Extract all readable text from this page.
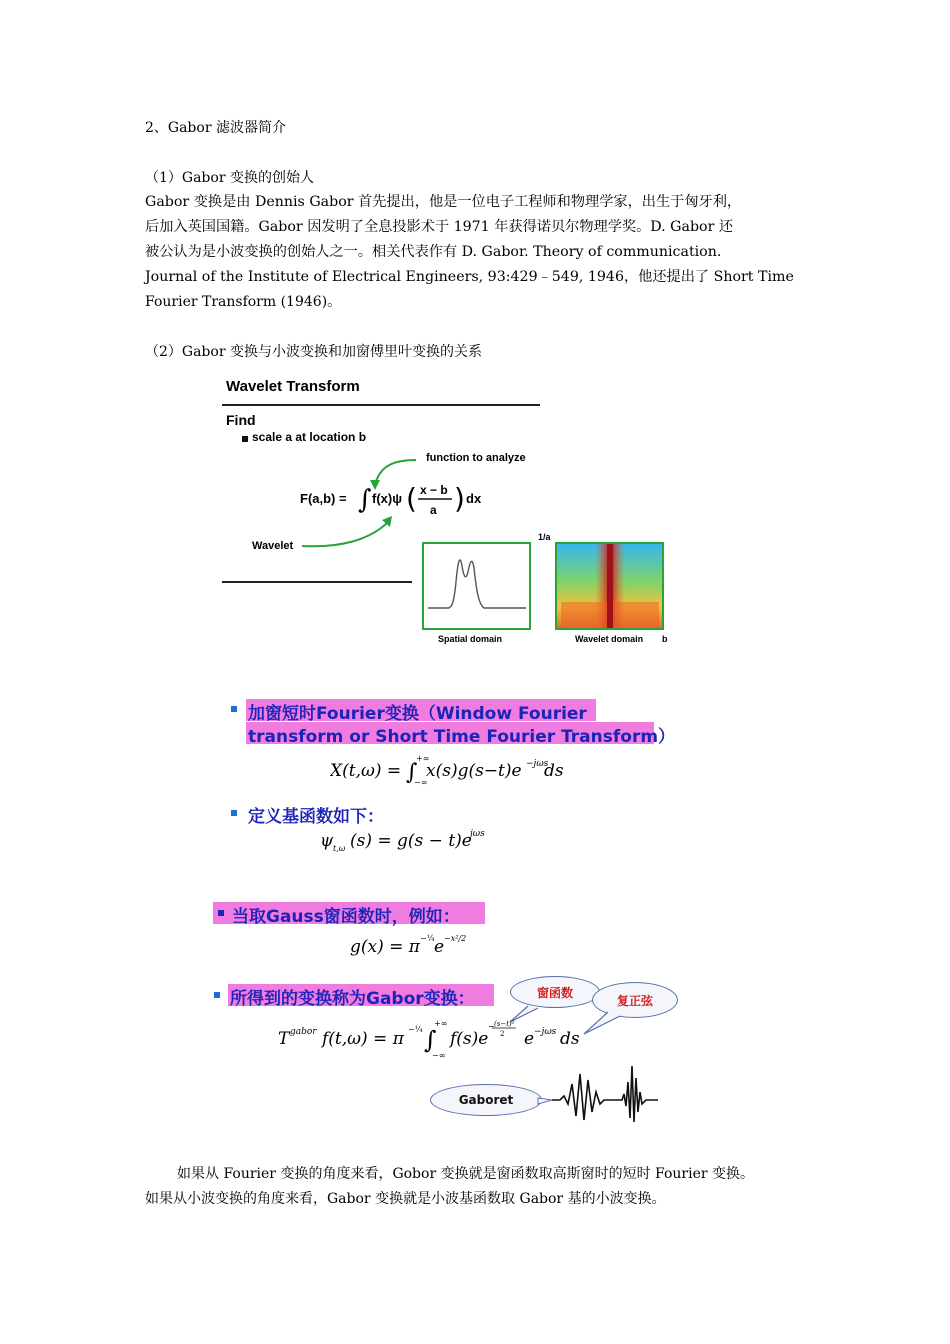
2、Gabor 滤波器简介
（1）Gabor 变换的创始人
Gabor 变换是由 Dennis Gabor 首先提出，他是一位电子工程师和物理学家，出生于匈牙利，
后加入英国国籍。Gabor 因发明了全息投影术于 1971 年获得诺贝尔物理学奖。D. Gabor 还
被公认为是小波变换的创始人之一。相关代表作有 D. Gabor. Theory of communication.
Journal of the Institute of Electrical Engineers, 93:429﹣549, 1946，他还提出了 Short Time
Fourier Transform (1946)。
（2）Gabor 变换与小波变换和加窗傅里叶变换的关系
Wavelet Transform
Find
scale a at location b
function to analyze
Wavelet
F(a,b) = ∫ f(x)ψ ( x − b
a ) dx
Spatial domain
1/a
Wavelet domain b
加窗短时Fourier变换（Window Fourier
transform or Short Time Fourier Transform）
X(t,ω) = ∫
+∞
−∞
x(s)g(s−t)e −jωs
ds
定义基函数如下：
ψ t,ω (s) = g(s − t)e
jωs
当取Gauss窗函数时，例如：
g(x) = π −¼ e −x²/2
所得到的变换称为Gabor变换：	窗函数
复正弦
T gabor f(t,ω) = π −¼ ∫
+∞
−∞
f(s)e
(s−t)²
2
−
e −jωs ds
Gaboret
如果从 Fourier 变换的角度来看，Gobor 变换就是窗函数取高斯窗时的短时 Fourier 变换。
如果从小波变换的角度来看，Gabor 变换就是小波基函数取 Gabor 基的小波变换。
